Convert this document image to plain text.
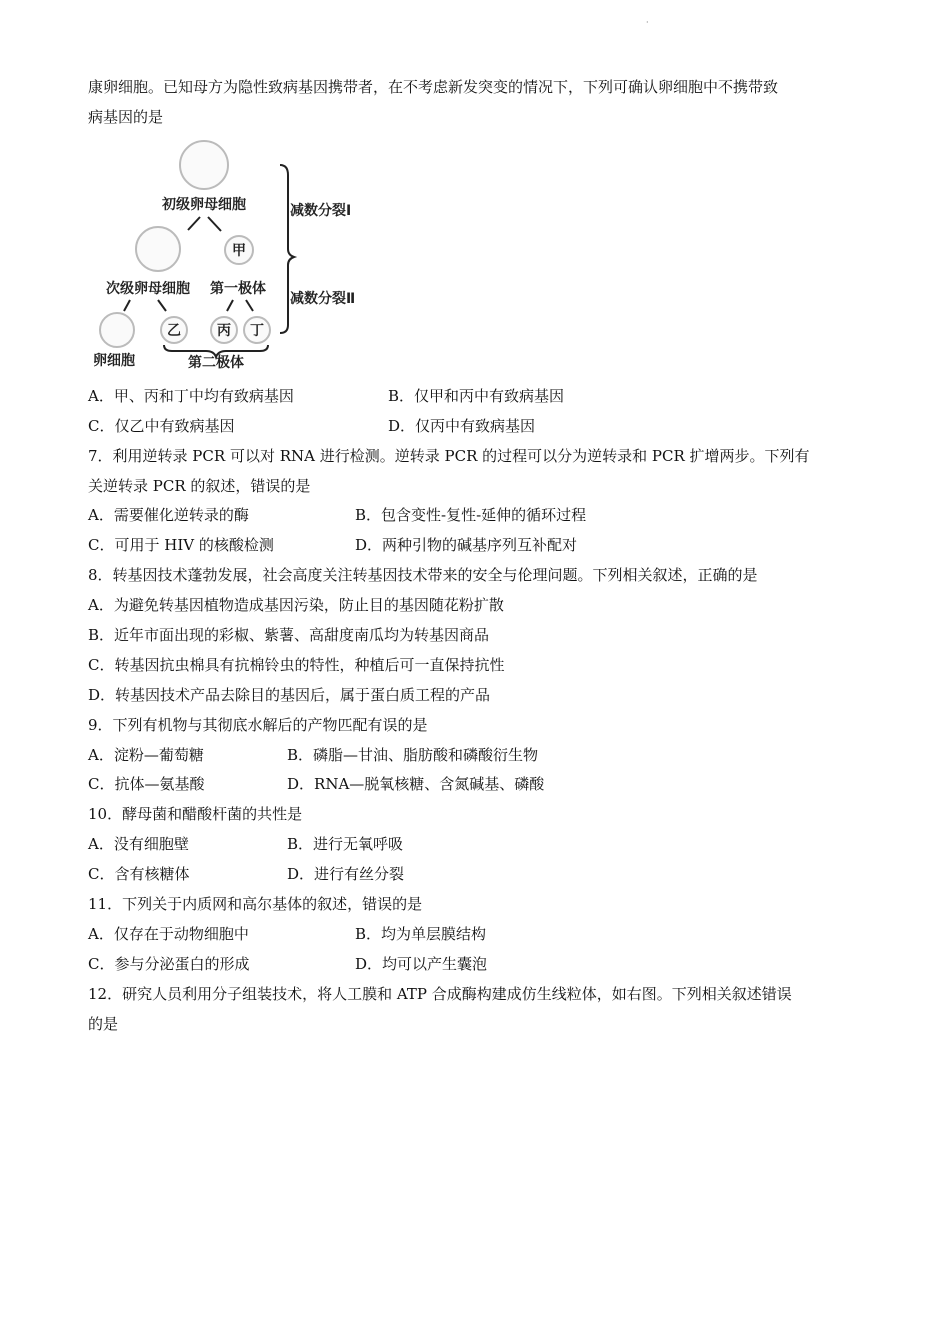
·
康卵细胞。已知母方为隐性致病基因携带者，在不考虑新发突变的情况下，下列可确认卵细胞中不携带致
病基因的是
初级卵母细胞
甲
次级卵母细胞 第一极体
乙	丙 丁
卵细胞	第二极体
减数分裂Ⅰ
减数分裂Ⅱ
A．甲、丙和丁中均有致病基因	B．仅甲和丙中有致病基因
C．仅乙中有致病基因	D．仅丙中有致病基因
7．利用逆转录 PCR 可以对 RNA 进行检测。逆转录 PCR 的过程可以分为逆转录和 PCR 扩增两步。下列有
关逆转录 PCR 的叙述，错误的是
A．需要催化逆转录的酶	B．包含变性-复性-延伸的循环过程
C．可用于 HIV 的核酸检测	D．两种引物的碱基序列互补配对
8．转基因技术蓬勃发展，社会高度关注转基因技术带来的安全与伦理问题。下列相关叙述，正确的是
A．为避免转基因植物造成基因污染，防止目的基因随花粉扩散
B．近年市面出现的彩椒、紫薯、高甜度南瓜均为转基因商品
C．转基因抗虫棉具有抗棉铃虫的特性，种植后可一直保持抗性
D．转基因技术产品去除目的基因后，属于蛋白质工程的产品
9．下列有机物与其彻底水解后的产物匹配有误的是
A．淀粉—葡萄糖	B．磷脂—甘油、脂肪酸和磷酸衍生物
C．抗体—氨基酸	D．RNA—脱氧核糖、含氮碱基、磷酸
10．酵母菌和醋酸杆菌的共性是
A．没有细胞壁	B．进行无氧呼吸
C．含有核糖体	D．进行有丝分裂
11．下列关于内质网和高尔基体的叙述，错误的是
A．仅存在于动物细胞中	B．均为单层膜结构
C．参与分泌蛋白的形成	D．均可以产生囊泡
12．研究人员利用分子组装技术，将人工膜和 ATP 合成酶构建成仿生线粒体，如右图。下列相关叙述错误
的是
